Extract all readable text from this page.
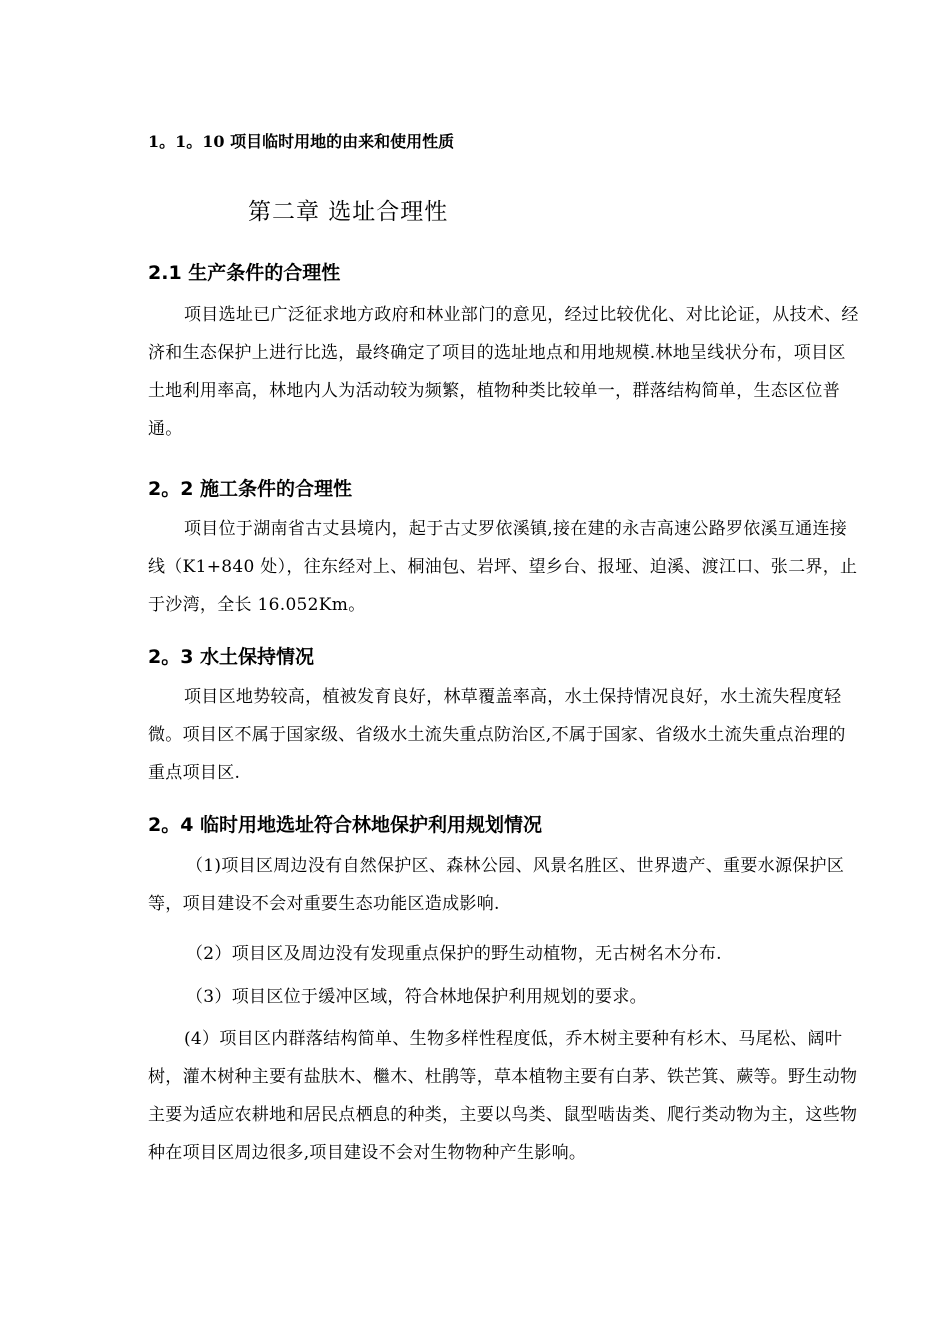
1。1。10 项目临时用地的由来和使用性质

第二章 选址合理性
2.1 生产条件的合理性

项目选址已广泛征求地方政府和林业部门的意见，经过比较优化、对比论证，从技术、经济和生态保护上进行比选，最终确定了项目的选址地点和用地规模.林地呈线状分布，项目区土地利用率高，林地内人为活动较为频繁，植物种类比较单一，群落结构简单，生态区位普通。

2。2 施工条件的合理性

项目位于湖南省古丈县境内，起于古丈罗依溪镇,接在建的永吉高速公路罗依溪互通连接线（K1+840 处），往东经对上、桐油包、岩坪、望乡台、报垭、迫溪、渡江口、张二界，止于沙湾，全长 16.052Km。

2。3 水土保持情况

项目区地势较高，植被发育良好，林草覆盖率高，水土保持情况良好，水土流失程度轻微。项目区不属于国家级、省级水土流失重点防治区,不属于国家、省级水土流失重点治理的重点项目区.

2。4 临时用地选址符合林地保护利用规划情况

（1)项目区周边没有自然保护区、森林公园、风景名胜区、世界遗产、重要水源保护区等，项目建设不会对重要生态功能区造成影响.

（2）项目区及周边没有发现重点保护的野生动植物，无古树名木分布.

（3）项目区位于缓冲区域，符合林地保护利用规划的要求。

(4）项目区内群落结构简单、生物多样性程度低，乔木树主要种有杉木、马尾松、阔叶树，灌木树种主要有盐肤木、檵木、杜鹃等，草本植物主要有白茅、铁芒箕、蕨等。野生动物主要为适应农耕地和居民点栖息的种类，主要以鸟类、鼠型啮齿类、爬行类动物为主，这些物种在项目区周边很多,项目建设不会对生物物种产生影响。
